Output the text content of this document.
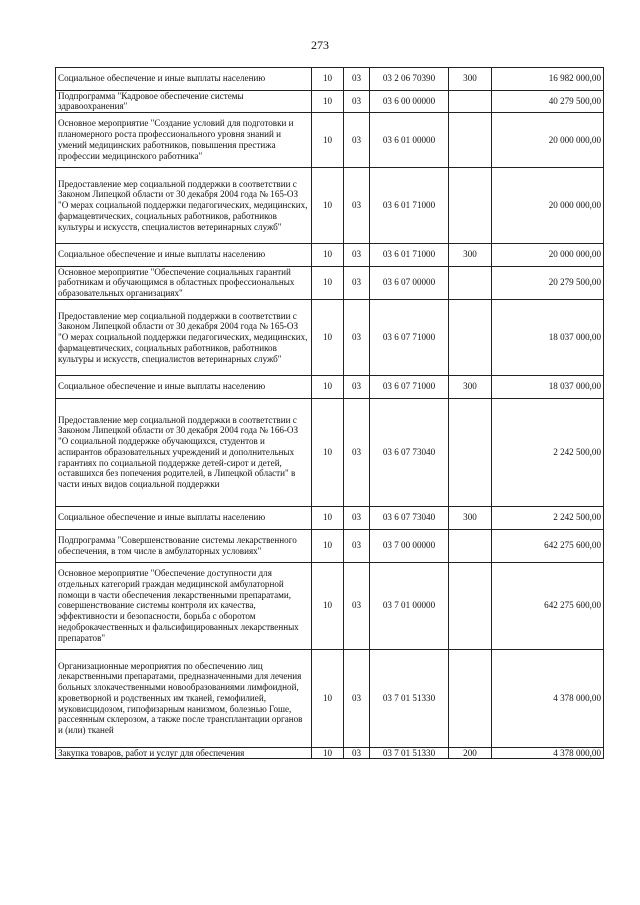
273
Социальное обеспечение и иные выплаты населению	10	03	03 2 06 70390	300	16 982 000,00
Подпрограмма "Кадровое обеспечение системы здравоохранения"	10	03	03 6 00 00000		40 279 500,00
Основное мероприятие "Создание условий для подготовки и планомерного роста профессионального уровня знаний и умений медицинских работников, повышения престижа профессии медицинского работника"	10	03	03 6 01 00000		20 000 000,00
Предоставление мер социальной поддержки в соответствии с Законом Липецкой области от 30 декабря 2004 года № 165-ОЗ "О мерах социальной поддержки педагогических, медицинских, фармацевтических, социальных работников, работников культуры и искусств, специалистов ветеринарных служб"	10	03	03 6 01 71000		20 000 000,00
Социальное обеспечение и иные выплаты населению	10	03	03 6 01 71000	300	20 000 000,00
Основное мероприятие "Обеспечение социальных гарантий работникам и обучающимся в областных профессиональных образовательных организациях"	10	03	03 6 07 00000		20 279 500,00
Предоставление мер социальной поддержки в соответствии с Законом Липецкой области от 30 декабря 2004 года № 165-ОЗ "О мерах социальной поддержки педагогических, медицинских, фармацевтических, социальных работников, работников культуры и искусств, специалистов ветеринарных служб"	10	03	03 6 07 71000		18 037 000,00
Социальное обеспечение и иные выплаты населению	10	03	03 6 07 71000	300	18 037 000,00
Предоставление мер социальной поддержки в соответствии с Законом Липецкой области от 30 декабря 2004 года № 166-ОЗ "О социальной поддержке обучающихся, студентов и аспирантов образовательных учреждений и дополнительных гарантиях по социальной поддержке детей-сирот и детей, оставшихся без попечения родителей, в Липецкой области" в части иных видов социальной поддержки	10	03	03 6 07 73040		2 242 500,00
Социальное обеспечение и иные выплаты населению	10	03	03 6 07 73040	300	2 242 500,00
Подпрограмма "Совершенствование системы лекарственного обеспечения, в том числе в амбулаторных условиях"	10	03	03 7 00 00000		642 275 600,00
Основное мероприятие "Обеспечение доступности для отдельных категорий граждан медицинской амбулаторной помощи в части обеспечения лекарственными препаратами, совершенствование системы контроля их качества, эффективности и безопасности, борьба с оборотом недоброкачественных и фальсифицированных лекарственных препаратов"	10	03	03 7 01 00000		642 275 600,00
Организационные мероприятия по обеспечению лиц лекарственными препаратами, предназначенными для лечения больных злокачественными новообразованиями лимфоидной, кроветворной и родственных им тканей, гемофилией, муковисцидозом, гипофизарным нанизмом, болезнью Гоше, рассеянным склерозом, а также после трансплантации органов и (или) тканей	10	03	03 7 01 51330		4 378 000,00
Закупка товаров, работ и услуг для обеспечения	10	03	03 7 01 51330	200	4 378 000,00
